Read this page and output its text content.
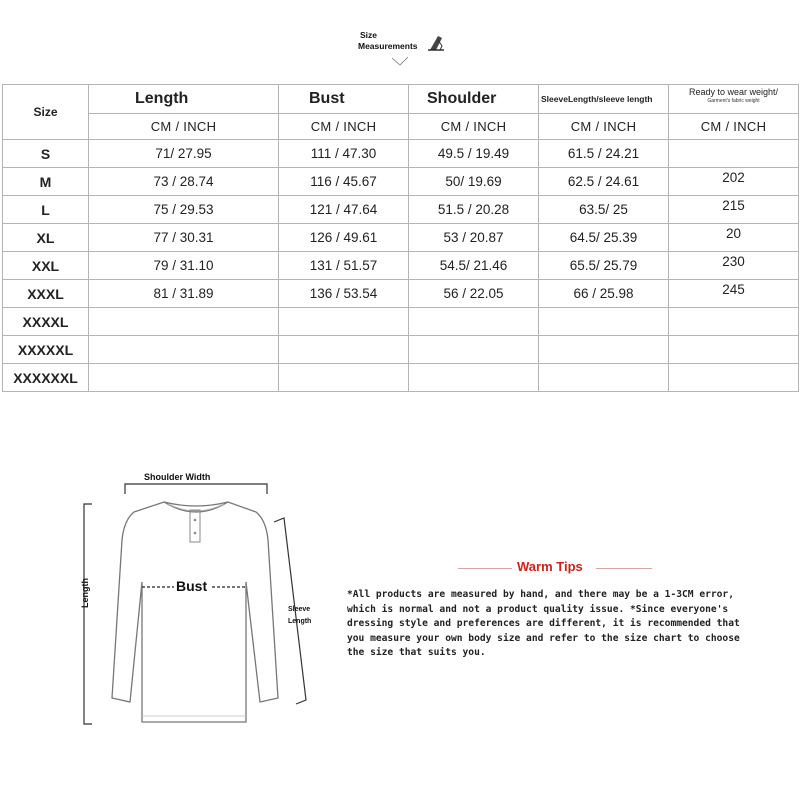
Size
Measurements
Size	Length	Bust	Shoulder	SleeveLength/sleeve length	Ready to wear weight/
Garment's fabric weight

	CM / INCH	CM / INCH	CM / INCH	CM / INCH	CM / INCH
S	71/ 27.95	111 / 47.30	49.5 / 19.49	61.5 / 24.21	
M	73 / 28.74	116 / 45.67	50/ 19.69	62.5 / 24.61	202
L	75 / 29.53	121 / 47.64	51.5 / 20.28	63.5/ 25	215
XL	77 / 30.31	126 / 49.61	53 / 20.87	64.5/ 25.39	20
XXL	79 / 31.10	131 / 51.57	54.5/ 21.46	65.5/ 25.79	230
XXXL	81 / 31.89	136 / 53.54	56 / 22.05	66 / 25.98	245
XXXXL					
XXXXXL					
XXXXXXL					
Shoulder Width
Bust
Length
Sleeve
Length
Warm Tips
*All products are measured by hand, and there may be a 1-3CM error, which is normal and not a product quality issue. *Since everyone's dressing style and preferences are different, it is recommended that you measure your own body size and refer to the size chart to choose the size that suits you.
